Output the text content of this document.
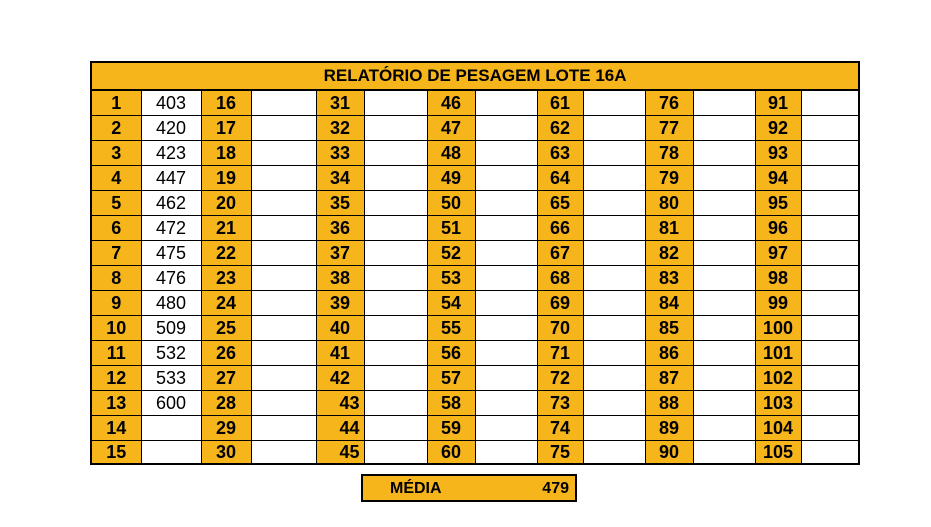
RELATÓRIO DE PESAGEM LOTE 16A													
1	403	16		31		46		61		76		91	
2	420	17		32		47		62		77		92	
3	423	18		33		48		63		78		93	
4	447	19		34		49		64		79		94	
5	462	20		35		50		65		80		95	
6	472	21		36		51		66		81		96	
7	475	22		37		52		67		82		97	
8	476	23		38		53		68		83		98	
9	480	24		39		54		69		84		99	
10	509	25		40		55		70		85		100	
11	532	26		41		56		71		86		101	
12	533	27		42		57		72		87		102	
13	600	28		43		58		73		88		103	
14		29		44		59		74		89		104	
15		30		45		60		75		90		105	
MÉDIA	479
